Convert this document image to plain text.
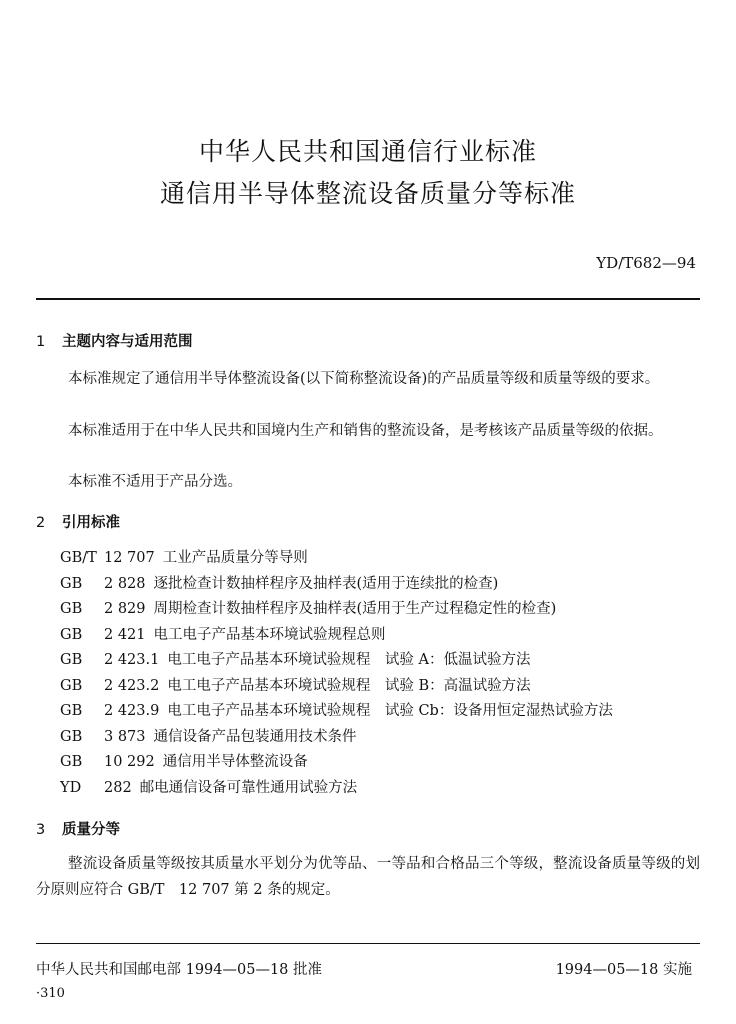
中华人民共和国通信行业标准
通信用半导体整流设备质量分等标准
YD/T682—94
1 主题内容与适用范围
本标准规定了通信用半导体整流设备(以下简称整流设备)的产品质量等级和质量等级的要求。
本标准适用于在中华人民共和国境内生产和销售的整流设备，是考核该产品质量等级的依据。
本标准不适用于产品分选。
2 引用标准
GB/T 12 707 工业产品质量分等导则
GB 2 828 逐批检查计数抽样程序及抽样表(适用于连续批的检查)
GB 2 829 周期检查计数抽样程序及抽样表(适用于生产过程稳定性的检查)
GB 2 421 电工电子产品基本环境试验规程总则
GB 2 423.1 电工电子产品基本环境试验规程　试验 A：低温试验方法
GB 2 423.2 电工电子产品基本环境试验规程　试验 B：高温试验方法
GB 2 423.9 电工电子产品基本环境试验规程　试验 Cb：设备用恒定湿热试验方法
GB 3 873 通信设备产品包装通用技术条件
GB 10 292 通信用半导体整流设备
YD 282 邮电通信设备可靠性通用试验方法
3 质量分等
整流设备质量等级按其质量水平划分为优等品、一等品和合格品三个等级，整流设备质量等级的划分原则应符合 GB/T　12 707 第 2 条的规定。
中华人民共和国邮电部 1994—05—18 批准	1994—05—18 实施
·310
